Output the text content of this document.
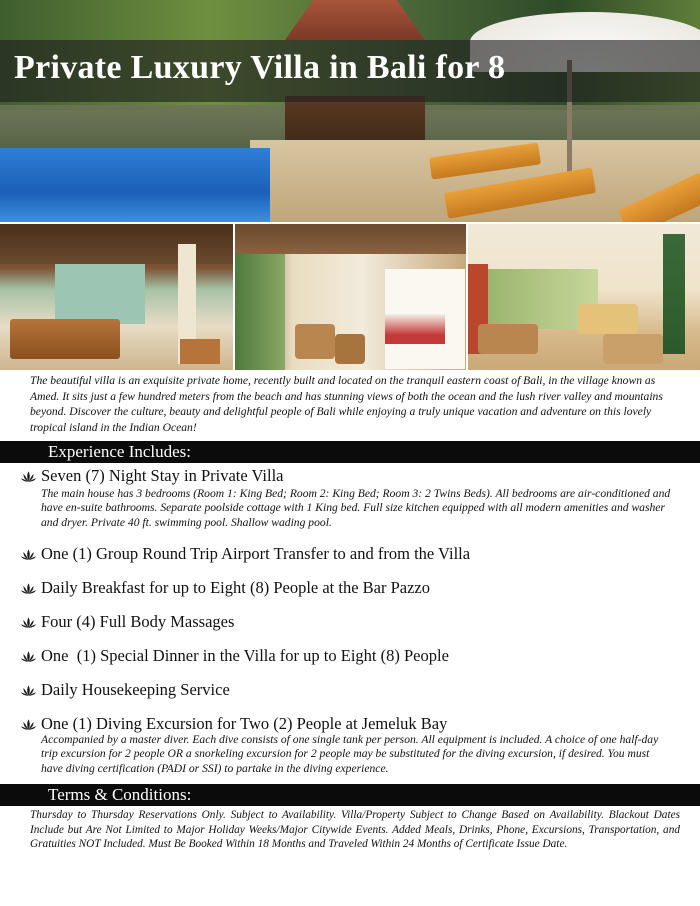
Private Luxury Villa in Bali for 8

The beautiful villa is an exquisite private home, recently built and located on the tranquil eastern coast of Bali, in the village known as Amed. It sits just a few hundred meters from the beach and has stunning views of both the ocean and the lush river valley and mountains beyond. Discover the culture, beauty and delightful people of Bali while enjoying a truly unique vacation and adventure on this lovely tropical island in the Indian Ocean!

Experience Includes:
Seven (7) Night Stay in Private Villa

The main house has 3 bedrooms (Room 1: King Bed; Room 2: King Bed; Room 3: 2 Twins Beds). All bedrooms are air-conditioned and have en-suite bathrooms. Separate poolside cottage with 1 King bed. Full size kitchen equipped with all modern amenities and washer and dryer. Private 40 ft. swimming pool. Shallow wading pool.

One (1) Group Round Trip Airport Transfer to and from the Villa
Daily Breakfast for up to Eight (8) People at the Bar Pazzo
Four (4) Full Body Massages
One  (1) Special Dinner in the Villa for up to Eight (8) People
Daily Housekeeping Service
One (1) Diving Excursion for Two (2) People at Jemeluk Bay

Accompanied by a master diver. Each dive consists of one single tank per person. All equipment is included. A choice of one half-day trip excursion for 2 people OR a snorkeling excursion for 2 people may be substituted for the diving excursion, if desired. You must have diving certification (PADI or SSI) to partake in the diving experience.

Terms & Conditions:

Thursday to Thursday Reservations Only. Subject to Availability. Villa/Property Subject to Change Based on Availability. Blackout Dates Include but Are Not Limited to Major Holiday Weeks/Major Citywide Events. Added Meals, Drinks, Phone, Excursions, Transportation, and Gratuities NOT Included. Must Be Booked Within 18 Months and Traveled Within 24 Months of Certificate Issue Date.
